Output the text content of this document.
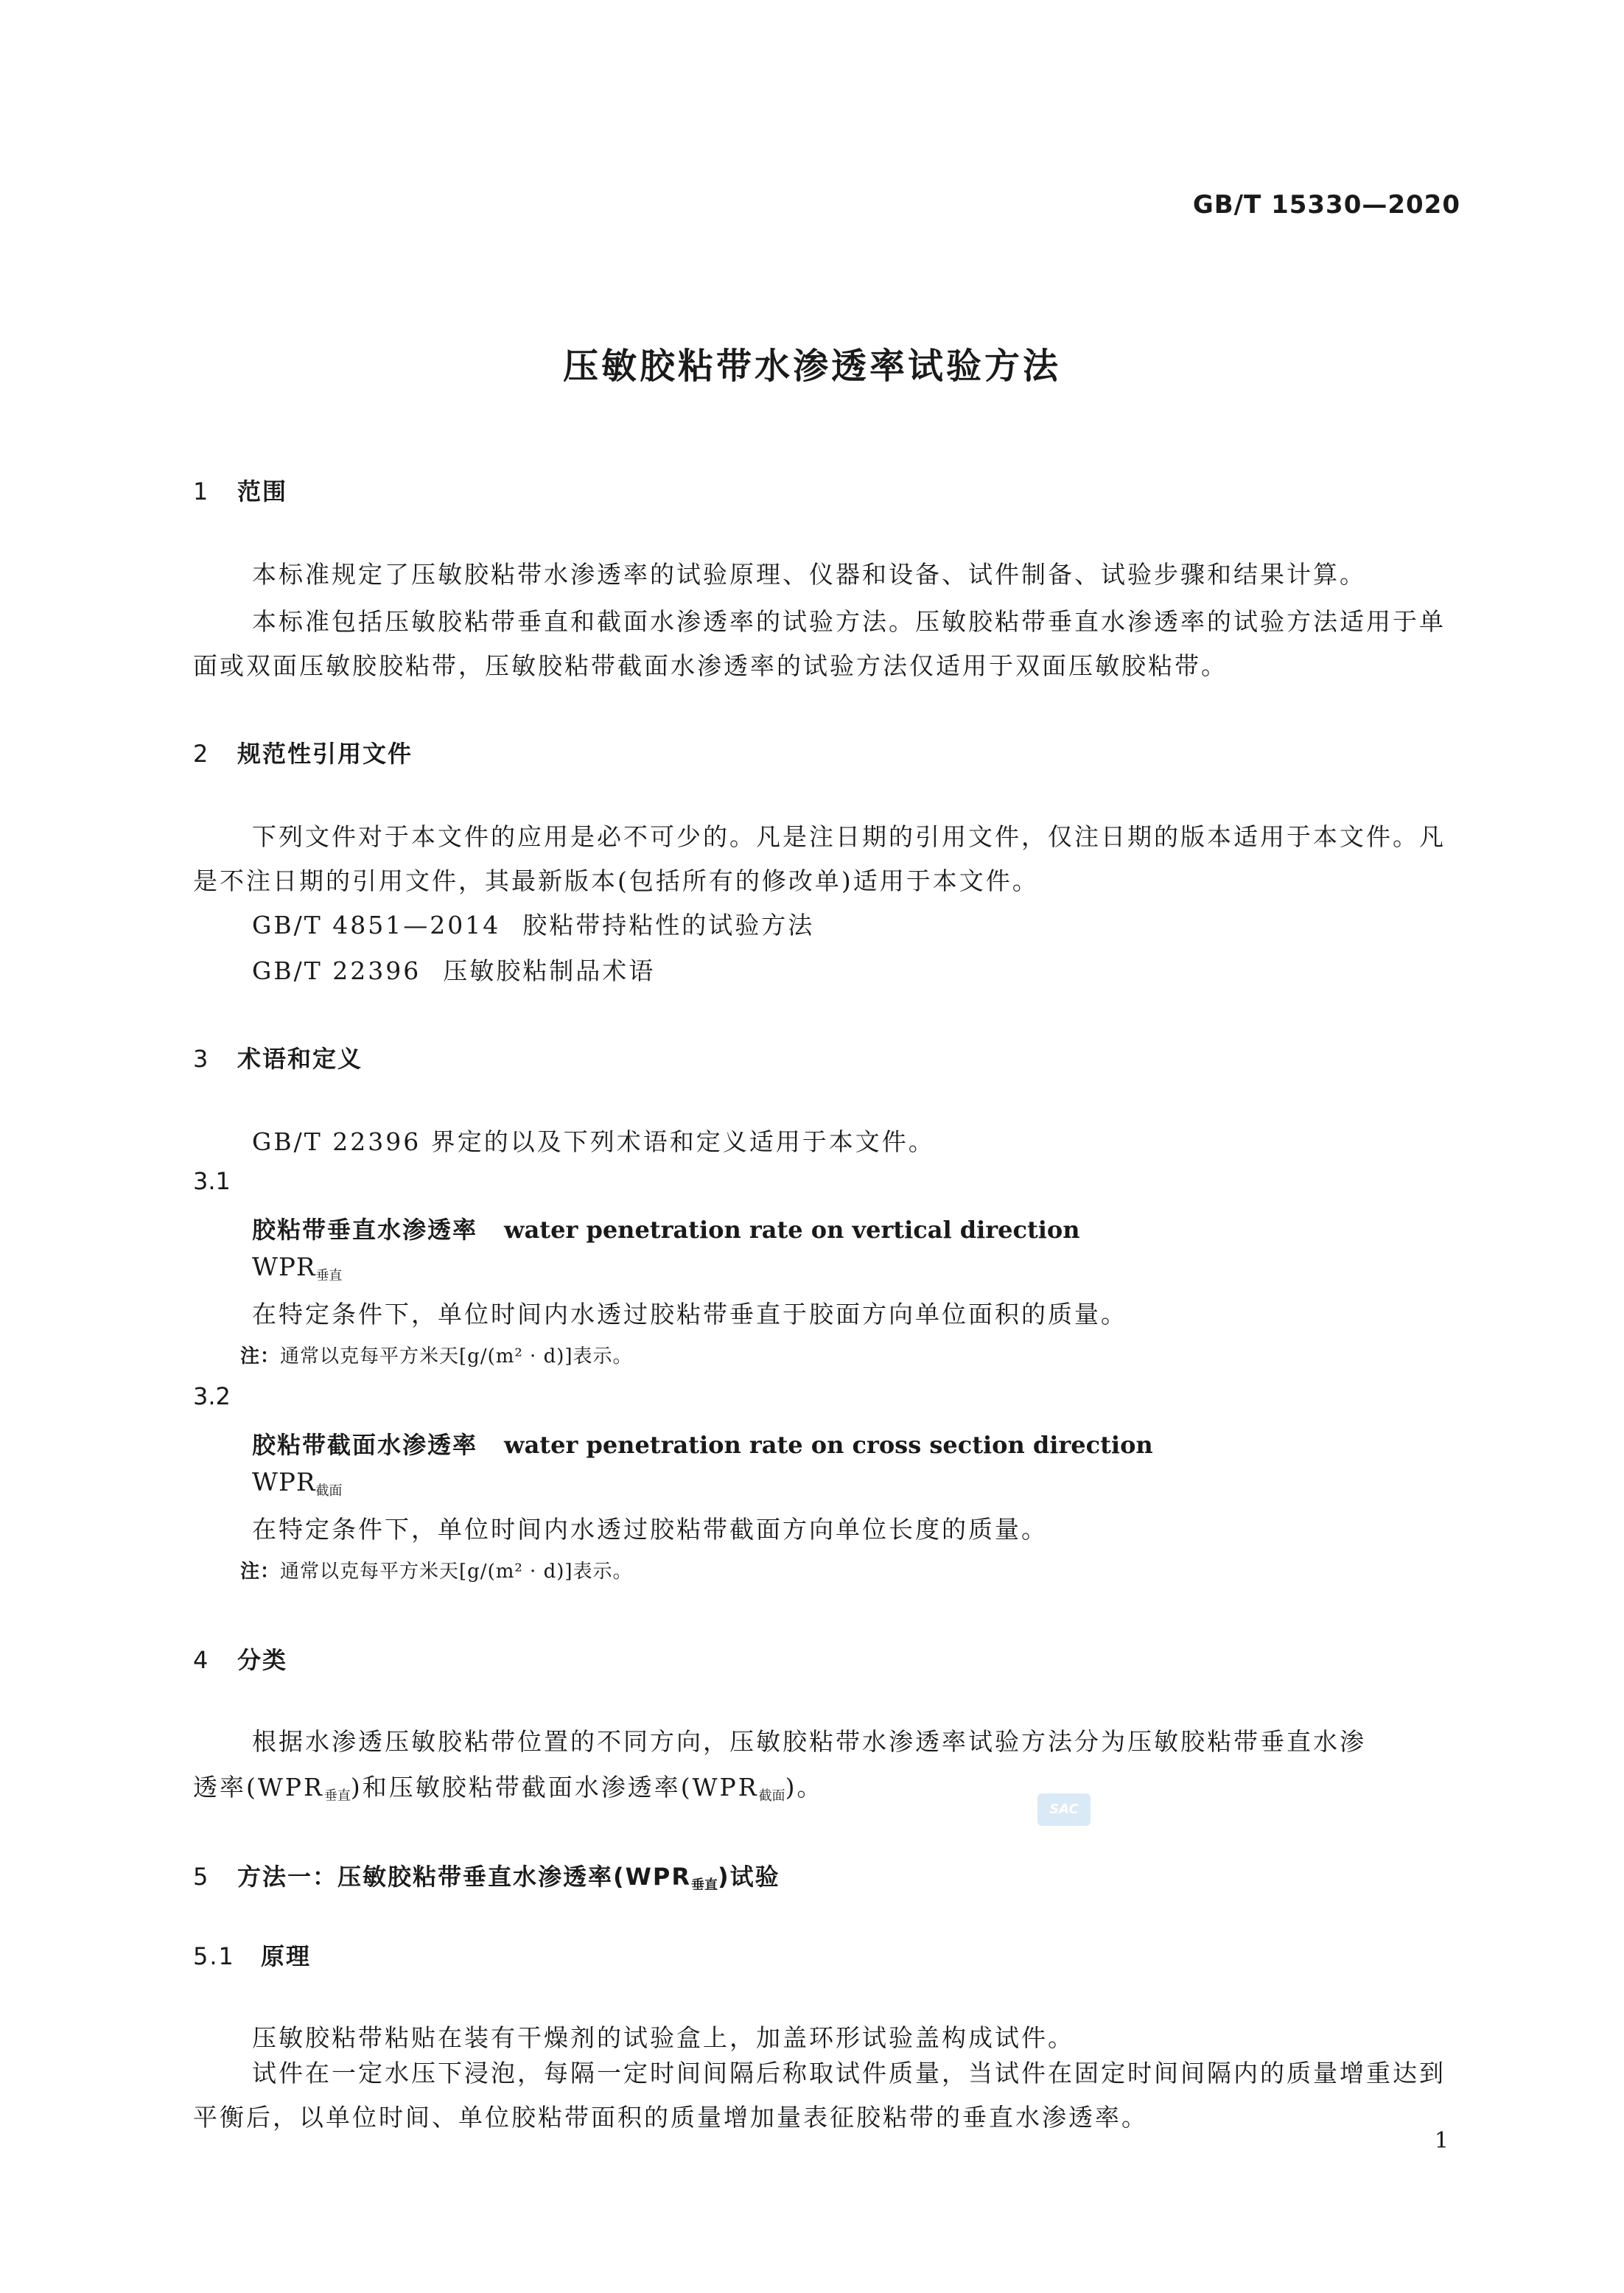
GB/T 15330—2020
压敏胶粘带水渗透率试验方法
1 范围
本标准规定了压敏胶粘带水渗透率的试验原理、仪器和设备、试件制备、试验步骤和结果计算。
本标准包括压敏胶粘带垂直和截面水渗透率的试验方法。压敏胶粘带垂直水渗透率的试验方法适用于单面或双面压敏胶胶粘带，压敏胶粘带截面水渗透率的试验方法仅适用于双面压敏胶粘带。
2 规范性引用文件
下列文件对于本文件的应用是必不可少的。凡是注日期的引用文件，仅注日期的版本适用于本文件。凡是不注日期的引用文件，其最新版本(包括所有的修改单)适用于本文件。
GB/T 4851—2014 胶粘带持粘性的试验方法
GB/T 22396 压敏胶粘制品术语
3 术语和定义
GB/T 22396 界定的以及下列术语和定义适用于本文件。
3.1
胶粘带垂直水渗透率 water penetration rate on vertical direction
$WPR_{垂直}$
在特定条件下，单位时间内水透过胶粘带垂直于胶面方向单位面积的质量。
注：通常以克每平方米天[g/(m² · d)]表示。
3.2
胶粘带截面水渗透率 water penetration rate on cross section direction
$WPR_{截面}$
在特定条件下，单位时间内水透过胶粘带截面方向单位长度的质量。
注：通常以克每平方米天[g/(m² · d)]表示。
4 分类
根据水渗透压敏胶粘带位置的不同方向，压敏胶粘带水渗透率试验方法分为压敏胶粘带垂直水渗
透率$(WPR_{垂直})$和压敏胶粘带截面水渗透率$(WPR_{截面})$。
SAC
5 方法一：压敏胶粘带垂直水渗透率$(WPR_{垂直})$试验
5.1 原理
压敏胶粘带粘贴在装有干燥剂的试验盒上，加盖环形试验盖构成试件。
试件在一定水压下浸泡，每隔一定时间间隔后称取试件质量，当试件在固定时间间隔内的质量增重达到平衡后，以单位时间、单位胶粘带面积的质量增加量表征胶粘带的垂直水渗透率。
1
